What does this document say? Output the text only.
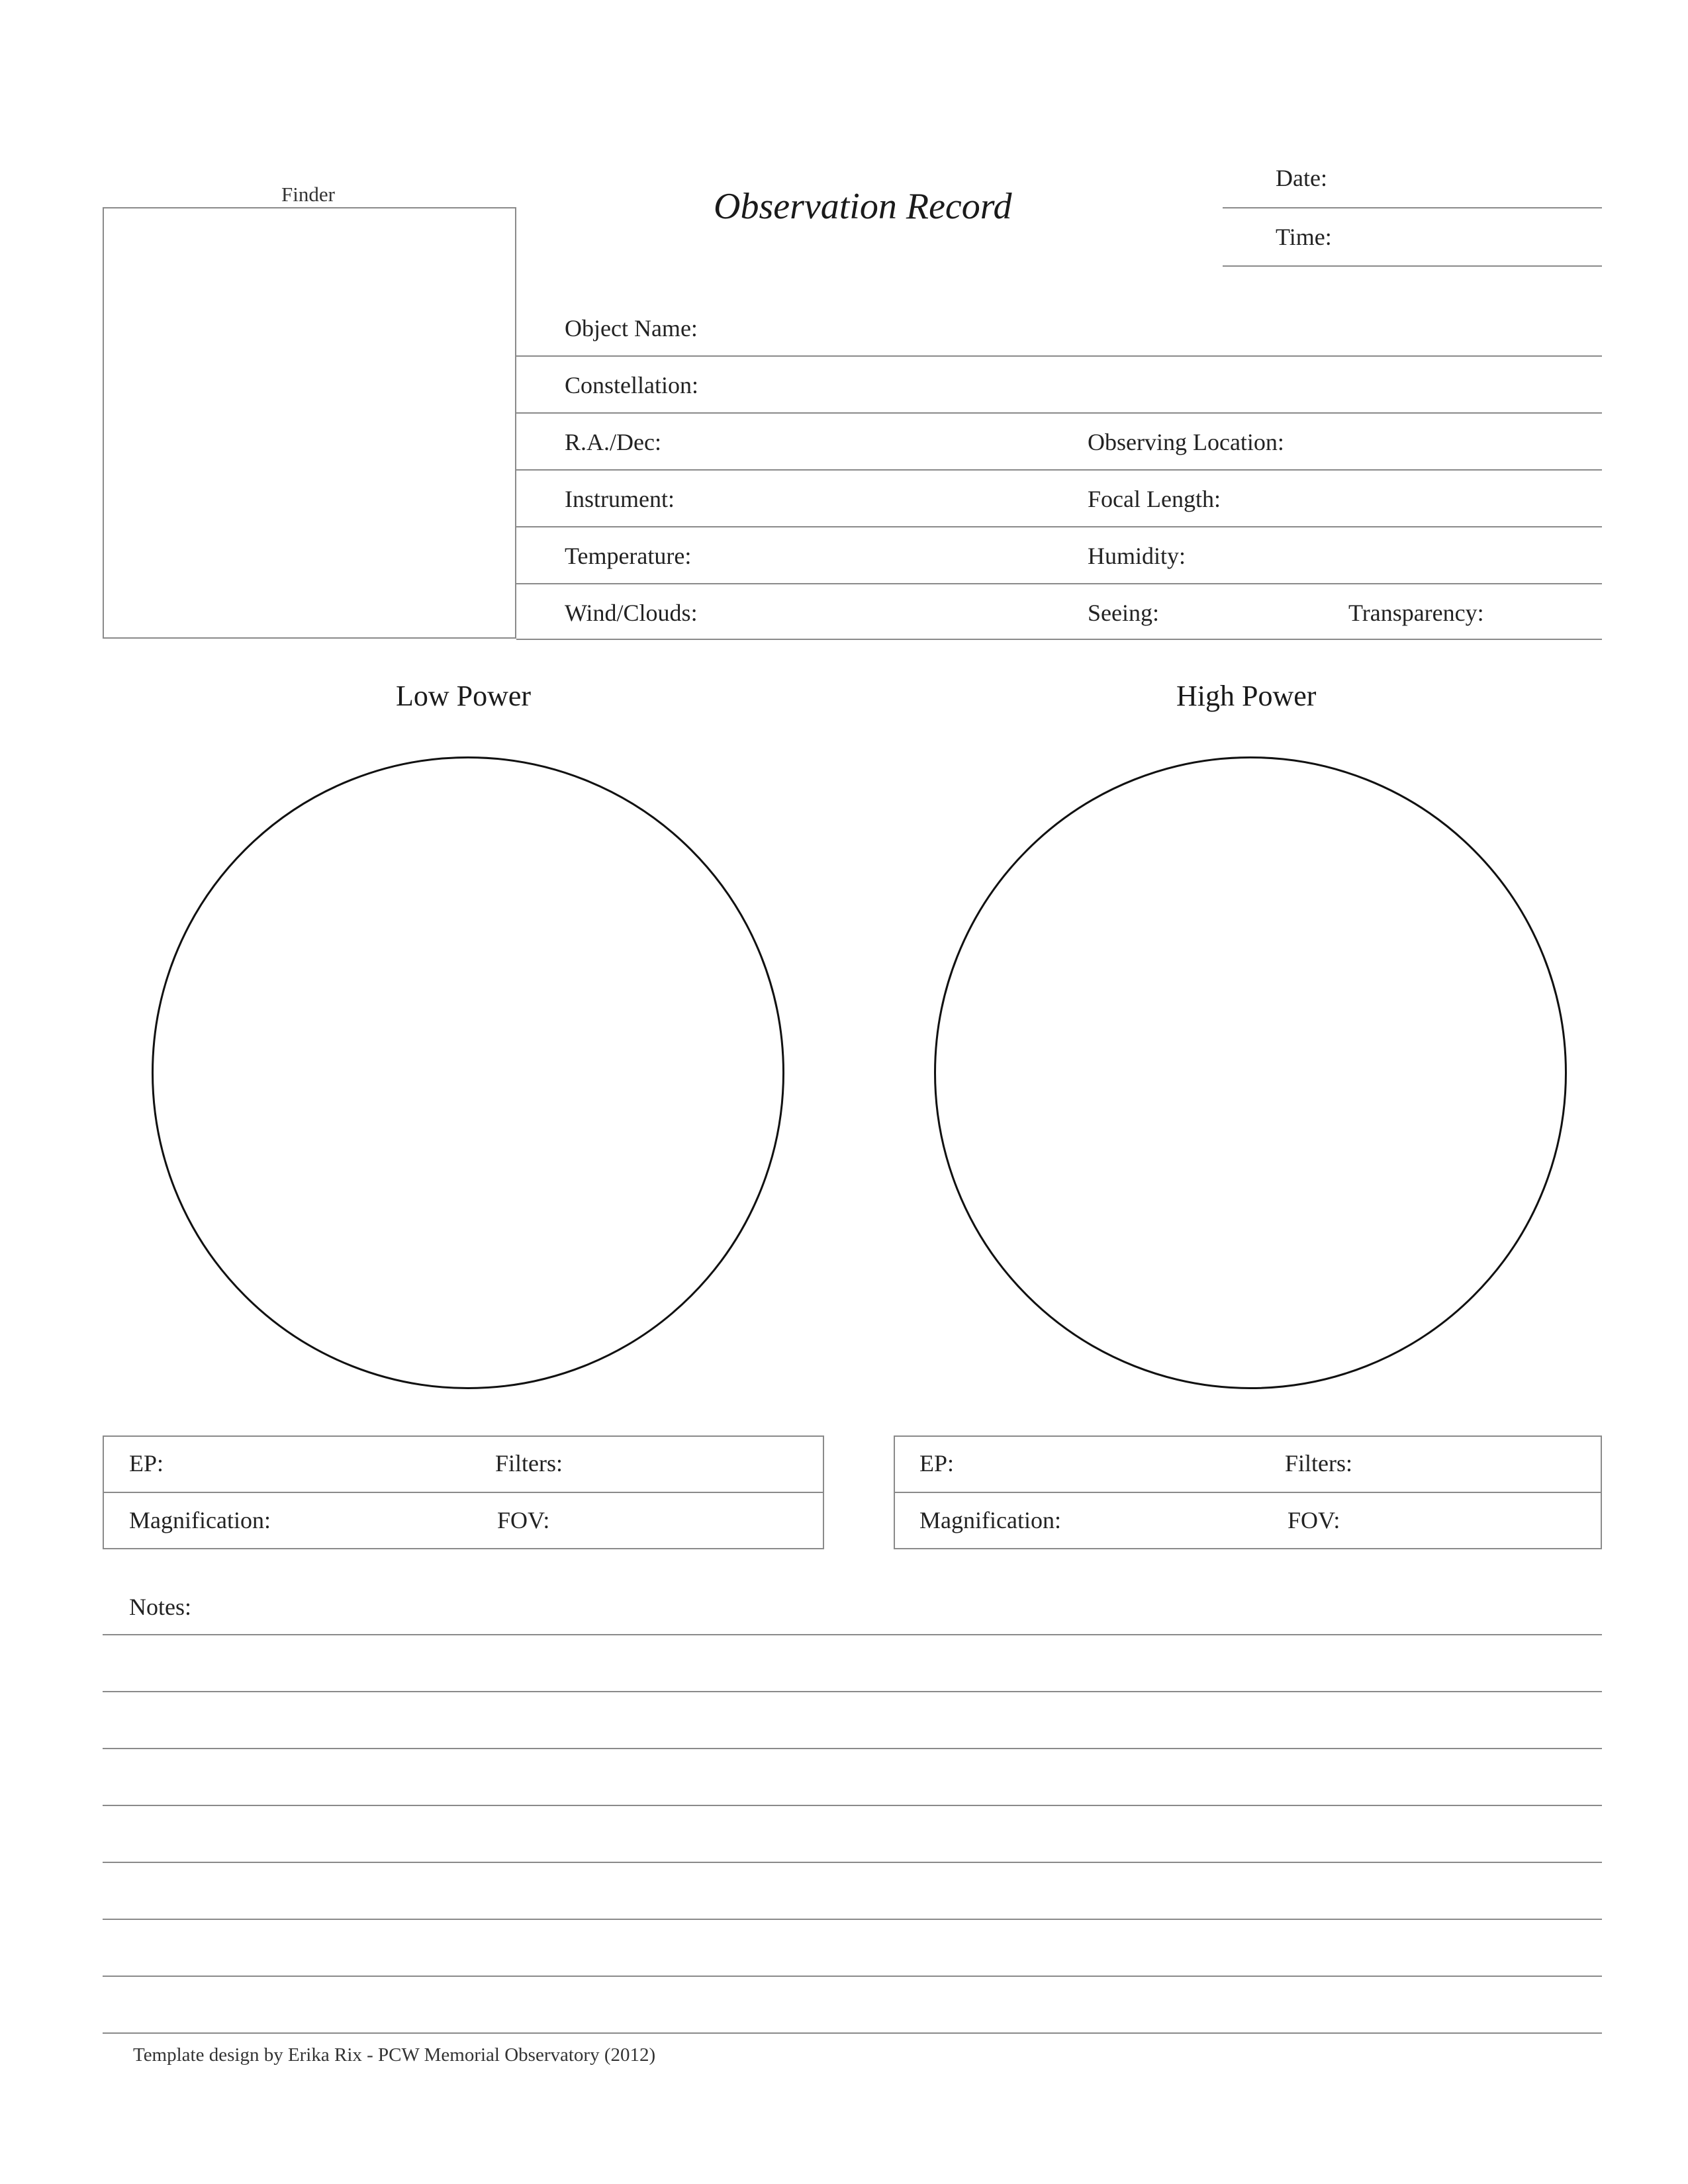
Finder	Observation Record
Date:
Time:
Object Name:
Constellation:
R.A./Dec:	Observing Location:
Instrument:	Focal Length:
Temperature:	Humidity:
Wind/Clouds:	Seeing:	Transparency:
Low Power	High Power
EP:	Filters:
Magnification:	FOV:
EP:	Filters:
Magnification:	FOV:
Notes:
Template design by Erika Rix - PCW Memorial Observatory (2012)
